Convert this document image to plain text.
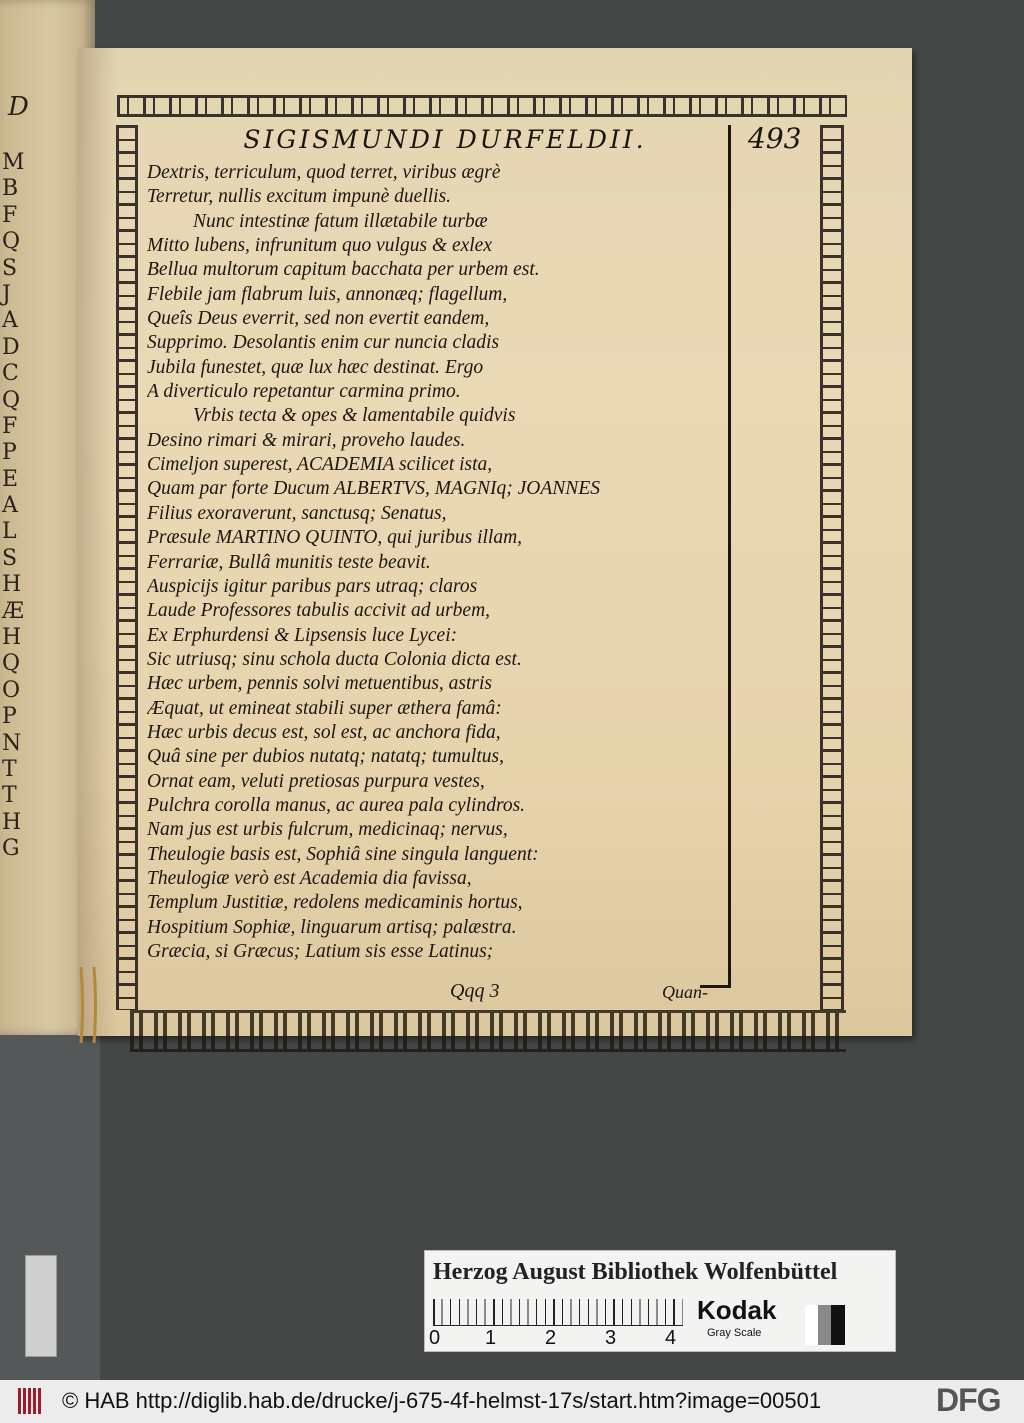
D
M
B
F
Q
S
J
A
D
C
Q
F
P
E
A
L
S
H
Æ
H
Q
O
P
N
T
T
H
G
SIGISMUNDI DURFELDII.	493
Dextris, terriculum, quod terret, viribus ægrè
Terretur, nullis excitum impunè duellis.
Nunc intestinæ fatum illætabile turbæ
Mitto lubens, infrunitum quo vulgus & exlex
Bellua multorum capitum bacchata per urbem est.
Flebile jam flabrum luis, annonæq; flagellum,
Queîs Deus everrit, sed non evertit eandem,
Supprimo. Desolantis enim cur nuncia cladis
Jubila funestet, quæ lux hæc destinat. Ergo
A diverticulo repetantur carmina primo.
Vrbis tecta & opes & lamentabile quidvis
Desino rimari & mirari, proveho laudes.
Cimeljon superest, ACADEMIA scilicet ista,
Quam par forte Ducum ALBERTVS, MAGNIq; JOANNES
Filius exoraverunt, sanctusq; Senatus,
Præsule MARTINO QUINTO, qui juribus illam,
Ferrariæ, Bullâ munitis teste beavit.
Auspicijs igitur paribus pars utraq; claros
Laude Professores tabulis accivit ad urbem,
Ex Erphurdensi & Lipsensis luce Lycei:
Sic utriusq; sinu schola ducta Colonia dicta est.
Hæc urbem, pennis solvi metuentibus, astris
Æquat, ut emineat stabili super æthera famâ:
Hæc urbis decus est, sol est, ac anchora fida,
Quâ sine per dubios nutatq; natatq; tumultus,
Ornat eam, veluti pretiosas purpura vestes,
Pulchra corolla manus, ac aurea pala cylindros.
Nam jus est urbis fulcrum, medicinaq; nervus,
Theulogie basis est, Sophiâ sine singula languent:
Theulogiæ verò est Academia dia favissa,
Templum Justitiæ, redolens medicaminis hortus,
Hospitium Sophiæ, linguarum artisq; palæstra.
Græcia, si Græcus; Latium sis esse Latinus;
Qqq 3	Quan-
Herzog August Bibliothek Wolfenbüttel
0 1 2 3 4
Kodak
Gray Scale
© HAB http://diglib.hab.de/drucke/j-675-4f-helmst-17s/start.htm?image=00501	DFG
